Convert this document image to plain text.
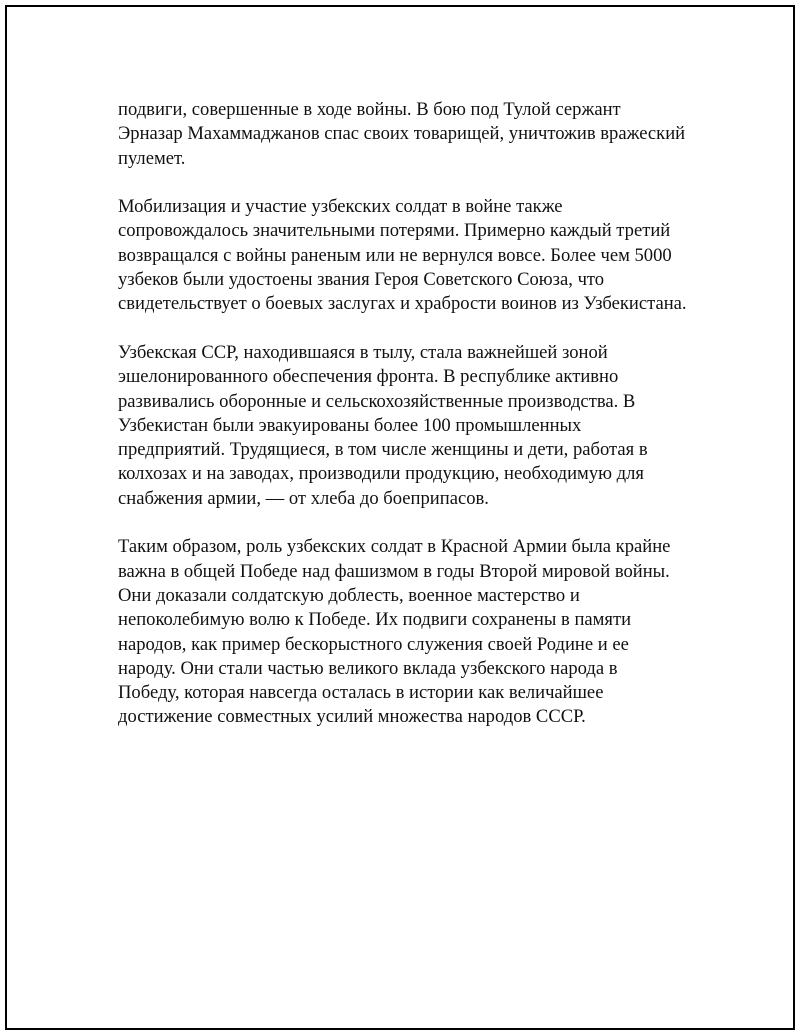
подвиги, совершенные в ходе войны. В бою под Тулой сержант
Эрназар Махаммаджанов спас своих товарищей, уничтожив вражеский
пулемет.

Мобилизация и участие узбекских солдат в войне также
сопровождалось значительными потерями. Примерно каждый третий
возвращался с войны раненым или не вернулся вовсе. Более чем 5000
узбеков были удостоены звания Героя Советского Союза, что
свидетельствует о боевых заслугах и храбрости воинов из Узбекистана.

Узбекская ССР, находившаяся в тылу, стала важнейшей зоной
эшелонированного обеспечения фронта. В республике активно
развивались оборонные и сельскохозяйственные производства. В
Узбекистан были эвакуированы более 100 промышленных
предприятий. Трудящиеся, в том числе женщины и дети, работая в
колхозах и на заводах, производили продукцию, необходимую для
снабжения армии, — от хлеба до боеприпасов.

Таким образом, роль узбекских солдат в Красной Армии была крайне
важна в общей Победе над фашизмом в годы Второй мировой войны.
Они доказали солдатскую доблесть, военное мастерство и
непоколебимую волю к Победе. Их подвиги сохранены в памяти
народов, как пример бескорыстного служения своей Родине и ее
народу. Они стали частью великого вклада узбекского народа в
Победу, которая навсегда осталась в истории как величайшее
достижение совместных усилий множества народов СССР.
